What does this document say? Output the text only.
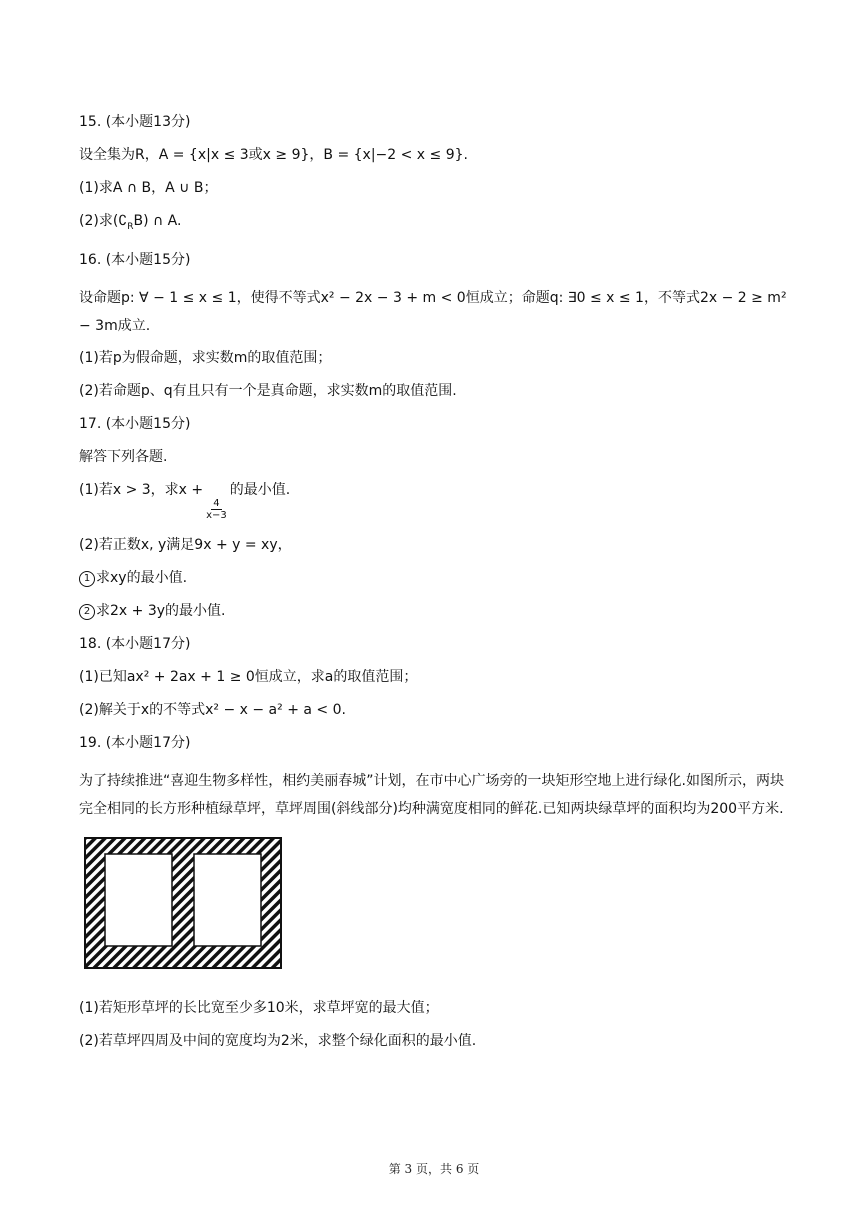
15. (本小题13分)

设全集为R，A = {x|x ≤ 3或x ≥ 9}，B = {x|−2 < x ≤ 9}.

(1)求A ∩ B，A ∪ B；

(2)求$(∁_RB)$ ∩ A.

16. (本小题15分)

设命题p: ∀ − 1 ≤ x ≤ 1，使得不等式x² − 2x − 3 + m < 0恒成立；命题q: ∃0 ≤ x ≤ 1，不等式2x − 2 ≥ m² − 3m成立.

(1)若p为假命题，求实数m的取值范围；

(2)若命题p、q有且只有一个是真命题，求实数m的取值范围.

17. (本小题15分)

解答下列各题.

(1)若x > 3，求x +
$\frac{4}{x-3}$
的最小值.

(2)若正数x, y满足9x + y = xy，

1 求xy的最小值.

2 求2x + 3y的最小值.

18. (本小题17分)

(1)已知ax² + 2ax + 1 ≥ 0恒成立，求a的取值范围；

(2)解关于x的不等式x² − x − a² + a < 0.

19. (本小题17分)

为了持续推进“喜迎生物多样性，相约美丽春城”计划，在市中心广场旁的一块矩形空地上进行绿化.如图所示，两块完全相同的长方形种植绿草坪，草坪周围(斜线部分)均种满宽度相同的鲜花.已知两块绿草坪的面积均为200平方米.

(1)若矩形草坪的长比宽至少多10米，求草坪宽的最大值；

(2)若草坪四周及中间的宽度均为2米，求整个绿化面积的最小值.

第 3 页，共 6 页
